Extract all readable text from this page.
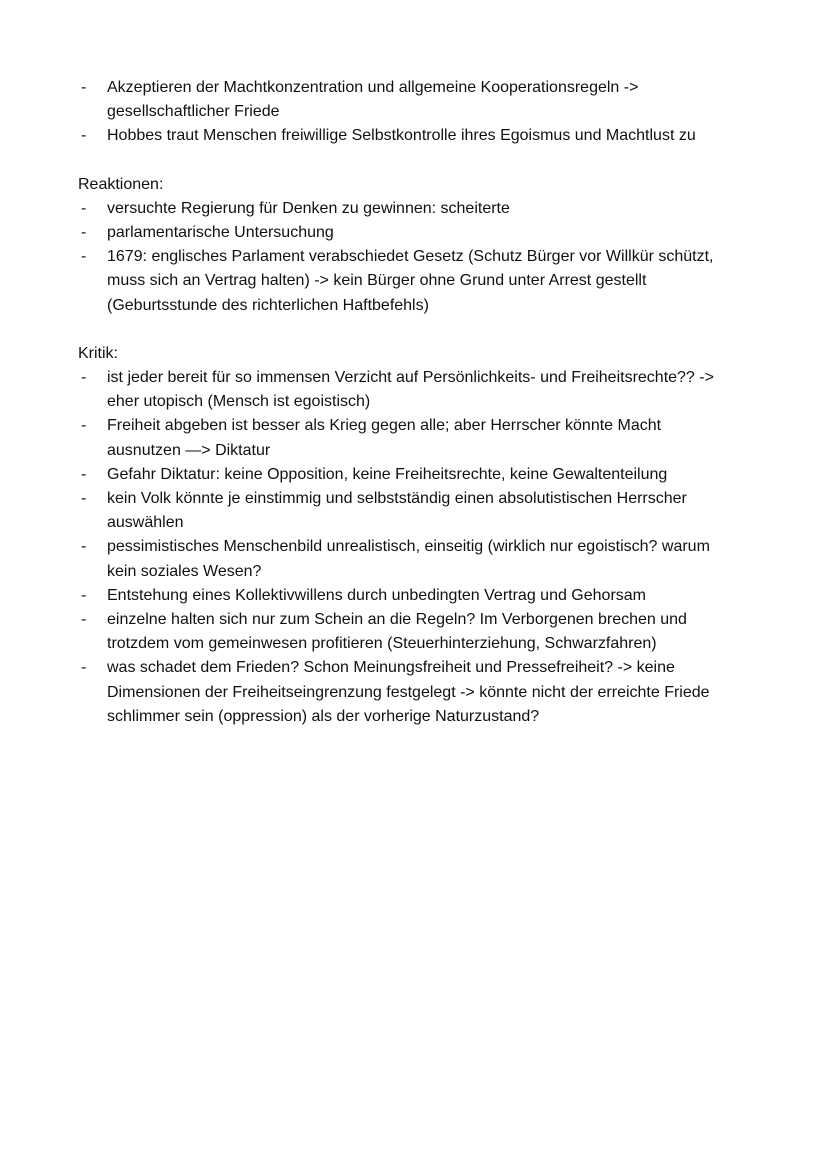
- Akzeptieren der Machtkonzentration und allgemeine Kooperationsregeln ->
gesellschaftlicher Friede
- Hobbes traut Menschen freiwillige Selbstkontrolle ihres Egoismus und Machtlust zu

Reaktionen:

- versuchte Regierung für Denken zu gewinnen: scheiterte
- parlamentarische Untersuchung
- 1679: englisches Parlament verabschiedet Gesetz (Schutz Bürger vor Willkür schützt,
muss sich an Vertrag halten) -> kein Bürger ohne Grund unter Arrest gestellt
(Geburtsstunde des richterlichen Haftbefehls)

Kritik:

- ist jeder bereit für so immensen Verzicht auf Persönlichkeits- und Freiheitsrechte?? ->
eher utopisch (Mensch ist egoistisch)
- Freiheit abgeben ist besser als Krieg gegen alle; aber Herrscher könnte Macht
ausnutzen —> Diktatur
- Gefahr Diktatur: keine Opposition, keine Freiheitsrechte, keine Gewaltenteilung
- kein Volk könnte je einstimmig und selbstständig einen absolutistischen Herrscher
auswählen
- pessimistisches Menschenbild unrealistisch, einseitig (wirklich nur egoistisch? warum
kein soziales Wesen?
- Entstehung eines Kollektivwillens durch unbedingten Vertrag und Gehorsam
- einzelne halten sich nur zum Schein an die Regeln? Im Verborgenen brechen und
trotzdem vom gemeinwesen profitieren (Steuerhinterziehung, Schwarzfahren)
- was schadet dem Frieden? Schon Meinungsfreiheit und Pressefreiheit? -> keine
Dimensionen der Freiheitseingrenzung festgelegt -> könnte nicht der erreichte Friede
schlimmer sein (oppression) als der vorherige Naturzustand?
